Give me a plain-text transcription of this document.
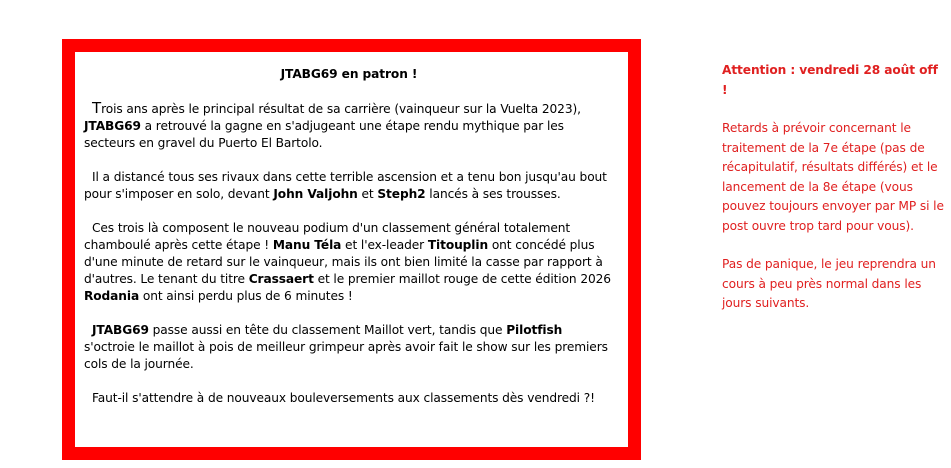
JTABG69 en patron !
Trois ans après le principal résultat de sa carrière (vainqueur sur la Vuelta 2023), JTABG69 a retrouvé la gagne en s'adjugeant une étape rendu mythique par les secteurs en gravel du Puerto El Bartolo.
Il a distancé tous ses rivaux dans cette terrible ascension et a tenu bon jusqu'au bout pour s'imposer en solo, devant John Valjohn et Steph2 lancés à ses trousses.
Ces trois là composent le nouveau podium d'un classement général totalement chamboulé après cette étape ! Manu Téla et l'ex-leader Titouplin ont concédé plus d'une minute de retard sur le vainqueur, mais ils ont bien limité la casse par rapport à d'autres. Le tenant du titre Crassaert et le premier maillot rouge de cette édition 2026 Rodania ont ainsi perdu plus de 6 minutes !
JTABG69 passe aussi en tête du classement Maillot vert, tandis que Pilotfish s'octroie le maillot à pois de meilleur grimpeur après avoir fait le show sur les premiers cols de la journée.
Faut-il s'attendre à de nouveaux bouleversements aux classements dès vendredi ?!
Attention : vendredi 28 août off !
Retards à prévoir concernant le traitement de la 7e étape (pas de récapitulatif, résultats différés) et le lancement de la 8e étape (vous pouvez toujours envoyer par MP si le post ouvre trop tard pour vous).
Pas de panique, le jeu reprendra un cours à peu près normal dans les jours suivants.
